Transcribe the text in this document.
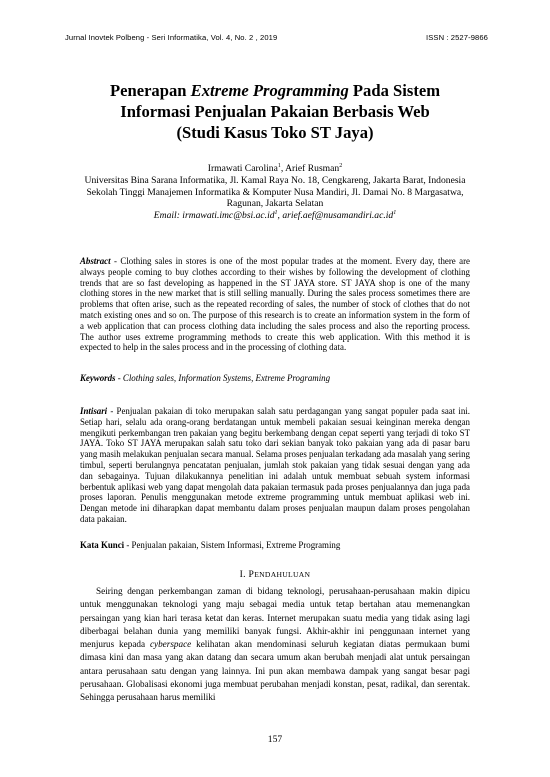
Jurnal Inovtek Polbeng - Seri Informatika, Vol. 4, No. 2 , 2019	ISSN : 2527-9866
Penerapan Extreme Programming Pada Sistem
Informasi Penjualan Pakaian Berbasis Web
(Studi Kasus Toko ST Jaya)
Irmawati Carolina$^1$, Arief Rusman$^2$
Universitas Bina Sarana Informatika, Jl. Kamal Raya No. 18, Cengkareng, Jakarta Barat, Indonesia
Sekolah Tinggi Manajemen Informatika & Komputer Nusa Mandiri, Jl. Damai No. 8 Margasatwa,
Ragunan, Jakarta Selatan
Email: $irmawati.imc@bsi.ac.id^1$, $arief.aef@nusamandiri.ac.id^1$
Abstract - Clothing sales in stores is one of the most popular trades at the moment. Every day, there are always people coming to buy clothes according to their wishes by following the development of clothing trends that are so fast developing as happened in the ST JAYA store. ST JAYA shop is one of the many clothing stores in the new market that is still selling manually. During the sales process sometimes there are problems that often arise, such as the repeated recording of sales, the number of stock of clothes that do not match existing ones and so on. The purpose of this research is to create an information system in the form of a web application that can process clothing data including the sales process and also the reporting process. The author uses extreme programming methods to create this web application. With this method it is expected to help in the sales process and in the processing of clothing data.
Keywords - Clothing sales, Information Systems, Extreme Programing
Intisari - Penjualan pakaian di toko merupakan salah satu perdagangan yang sangat populer pada saat ini. Setiap hari, selalu ada orang-orang berdatangan untuk membeli pakaian sesuai keinginan mereka dengan mengikuti perkembangan tren pakaian yang begitu berkembang dengan cepat seperti yang terjadi di toko ST JAYA. Toko ST JAYA merupakan salah satu toko dari sekian banyak toko pakaian yang ada di pasar baru yang masih melakukan penjualan secara manual. Selama proses penjualan terkadang ada masalah yang sering timbul, seperti berulangnya pencatatan penjualan, jumlah stok pakaian yang tidak sesuai dengan yang ada dan sebagainya. Tujuan dilakukannya penelitian ini adalah untuk membuat sebuah system informasi berbentuk aplikasi web yang dapat mengolah data pakaian termasuk pada proses penjualannya dan juga pada proses laporan. Penulis menggunakan metode extreme programming untuk membuat aplikasi web ini. Dengan metode ini diharapkan dapat membantu dalam proses penjualan maupun dalam proses pengolahan data pakaian.
Kata Kunci - Penjualan pakaian, Sistem Informasi, Extreme Programing
I. PENDAHULUAN
Seiring dengan perkembangan zaman di bidang teknologi, perusahaan-perusahaan makin dipicu untuk menggunakan teknologi yang maju sebagai media untuk tetap bertahan atau memenangkan persaingan yang kian hari terasa ketat dan keras. Internet merupakan suatu media yang tidak asing lagi diberbagai belahan dunia yang memiliki banyak fungsi. Akhir-akhir ini penggunaan internet yang menjurus kepada cyberspace kelihatan akan mendominasi seluruh kegiatan diatas permukaan bumi dimasa kini dan masa yang akan datang dan secara umum akan berubah menjadi alat untuk persaingan antara perusahaan satu dengan yang lainnya. Ini pun akan membawa dampak yang sangat besar pagi perusahaan. Globalisasi ekonomi juga membuat perubahan menjadi konstan, pesat, radikal, dan serentak. Sehingga perusahaan harus memiliki
157
